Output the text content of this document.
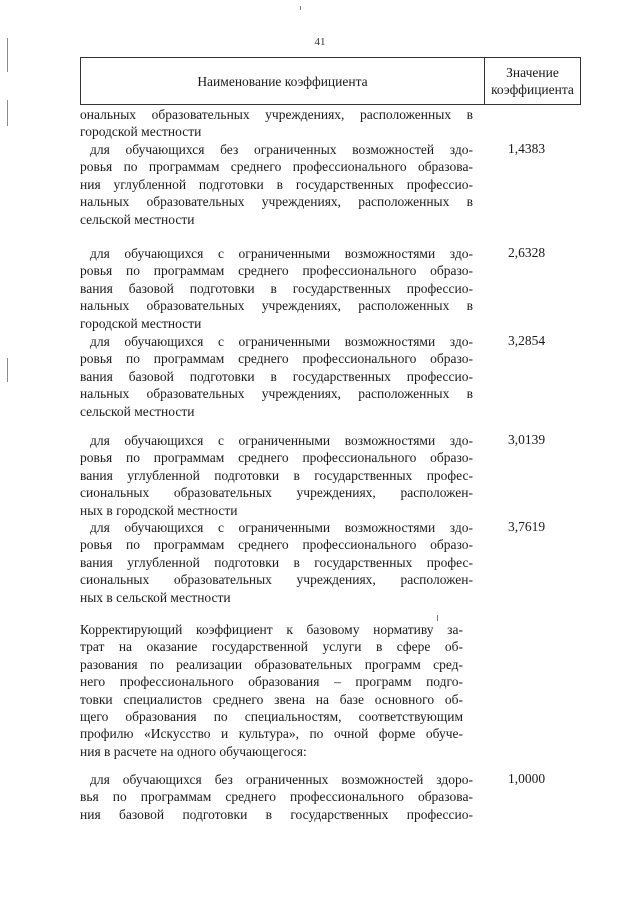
41
Наименование коэффициента
Значение
коэффициента
ональных образовательных учреждениях, расположенных в
городской местности
для обучающихся без ограниченных возможностей здо-
ровья по программам среднего профессионального образова-
ния углубленной подготовки в государственных профессио-
нальных образовательных учреждениях, расположенных в
сельской местности
для обучающихся с ограниченными возможностями здо-
ровья по программам среднего профессионального образо-
вания базовой подготовки в государственных профессио-
нальных образовательных учреждениях, расположенных в
городской местности
для обучающихся с ограниченными возможностями здо-
ровья по программам среднего профессионального образо-
вания базовой подготовки в государственных профессио-
нальных образовательных учреждениях, расположенных в
сельской местности
для обучающихся с ограниченными возможностями здо-
ровья по программам среднего профессионального образо-
вания углубленной подготовки в государственных профес-
сиональных образовательных учреждениях, расположен-
ных в городской местности
для обучающихся с ограниченными возможностями здо-
ровья по программам среднего профессионального образо-
вания углубленной подготовки в государственных профес-
сиональных образовательных учреждениях, расположен-
ных в сельской местности
для обучающихся без ограниченных возможностей здоро-
вья по программам среднего профессионального образова-
ния базовой подготовки в государственных профессио-
Корректирующий коэффициент к базовому нормативу за-
трат на оказание государственной услуги в сфере об-
разования по реализации образовательных программ сред-
него профессионального образования – программ подго-
товки специалистов среднего звена на базе основного об-
щего образования по специальностям, соответствующим
профилю «Искусство и культура», по очной форме обуче-
ния в расчете на одного обучающегося:
1,4383
2,6328
3,2854
3,0139
3,7619
1,0000
